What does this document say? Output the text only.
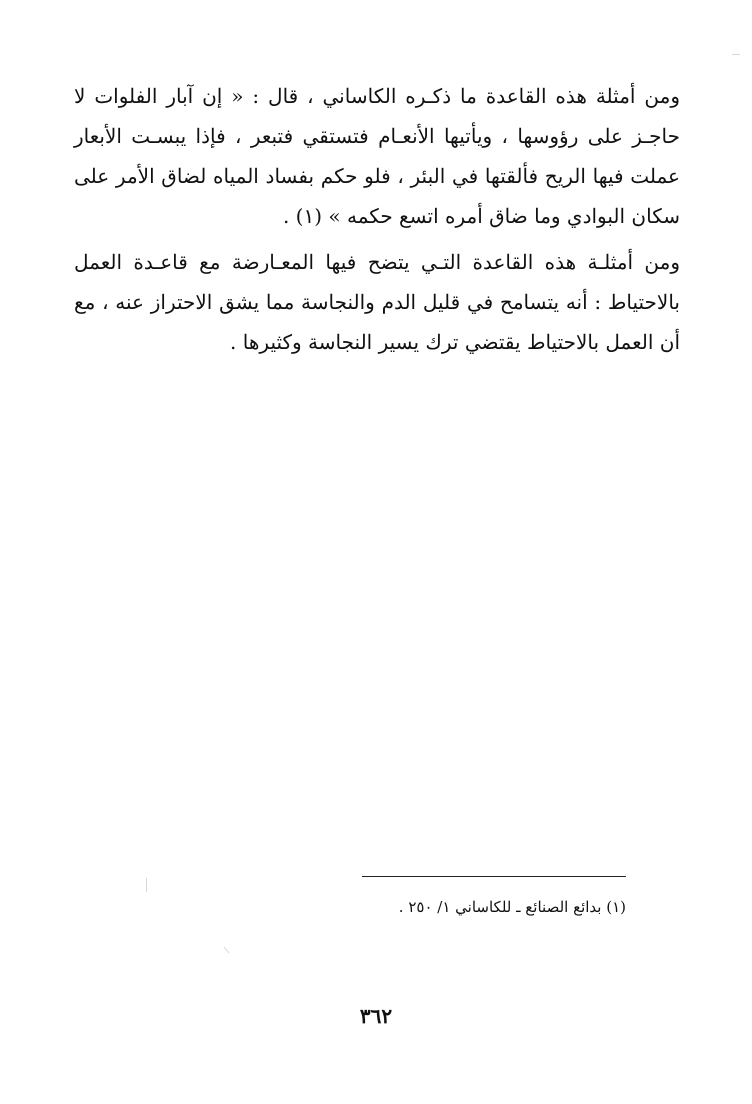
ومن أمثلة هذه القاعدة ما ذكـره الكاساني ، قال : « إن آبار الفلوات لا
حاجـز على رؤوسها ، ويأتيها الأنعـام فتستقي فتبعر ، فإذا يبسـت الأبعار
عملت فيها الريح فألقتها في البئر ، فلو حكم بفساد المياه لضاق الأمر على
سكان البوادي وما ضاق أمره اتسع حكمه » (١) .
ومن أمثلـة هذه القاعدة التـي يتضح فيها المعـارضة مع قاعـدة العمل
بالاحتياط : أنه يتسامح في قليل الدم والنجاسة مما يشق الاحتراز عنه ، مع
أن العمل بالاحتياط يقتضي ترك يسير النجاسة وكثيرها .
(١) بدائع الصنائع ـ للكاساني ١/ ٢٥٠ .
٣٦٢
